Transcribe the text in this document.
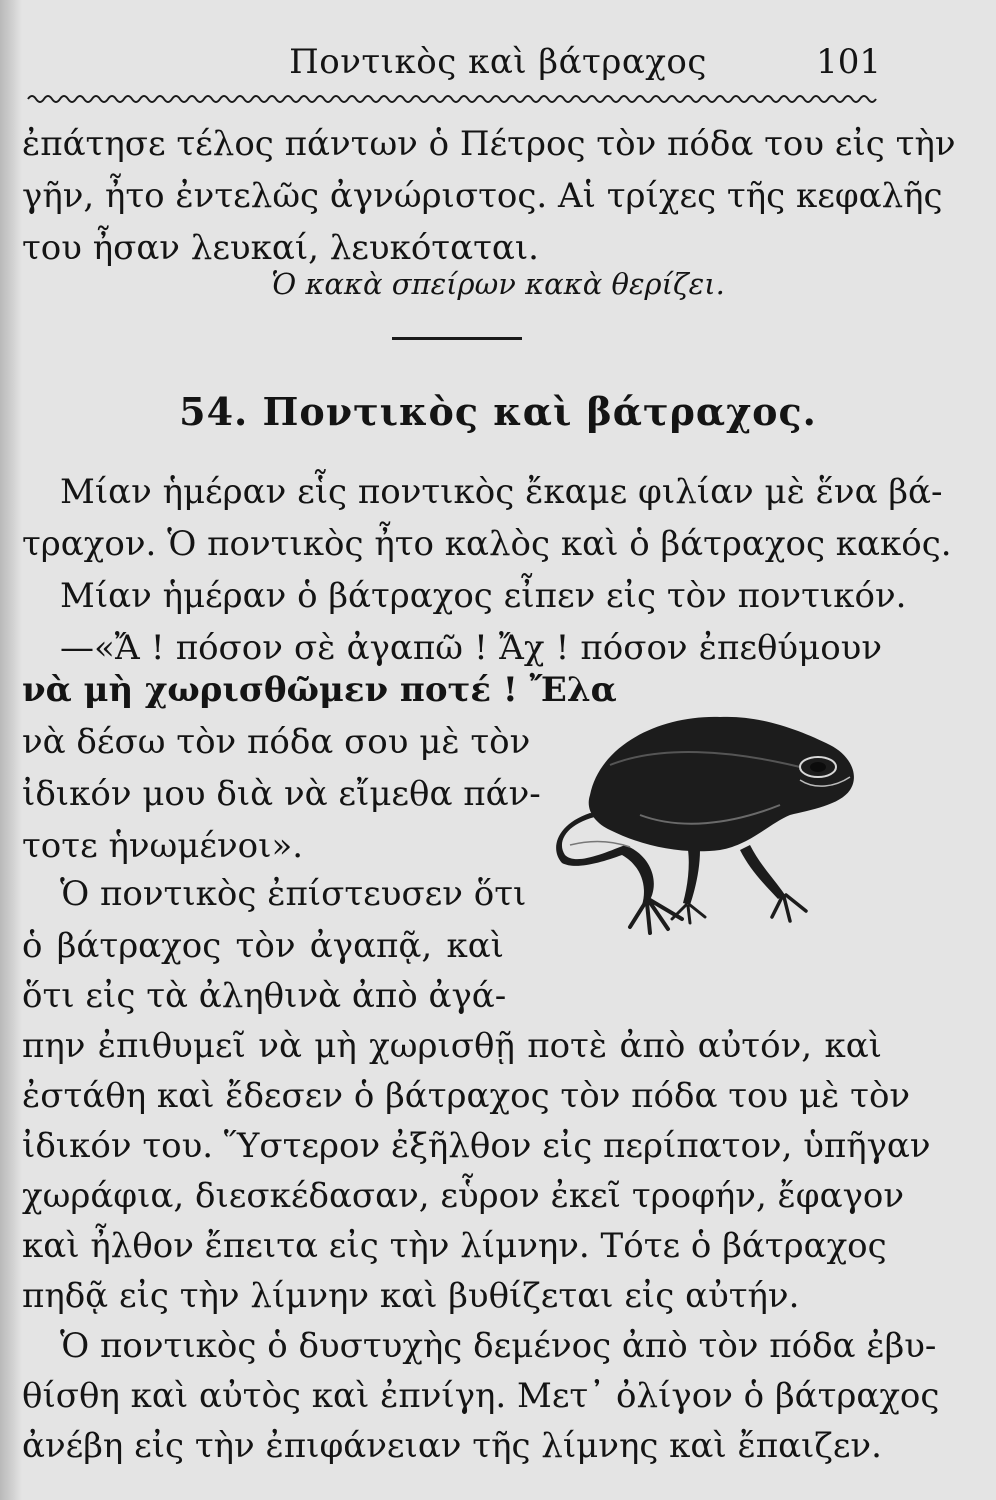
Ποντικὸς καὶ βάτραχος	101
ἐπάτησε τέλος πάντων ὁ Πέτρος τὸν πόδα του εἰς τὴν
γῆν, ἦτο ἐντελῶς ἀγνώριστος. Αἱ τρίχες τῆς κεφαλῆς
του ἦσαν λευκαί, λευκόταται.
Ὁ κακὰ σπείρων κακὰ θερίζει.
54. Ποντικὸς καὶ βάτραχος.
Μίαν ἡμέραν εἷς ποντικὸς ἔκαμε φιλίαν μὲ ἕνα βά-
τραχον. Ὁ ποντικὸς ἦτο καλὸς καὶ ὁ βάτραχος κακός.
Μίαν ἡμέραν ὁ βάτραχος εἶπεν εἰς τὸν ποντικόν.
—«Ἄ ! πόσον σὲ ἀγαπῶ ! Ἄχ ! πόσον ἐπεθύμουν
νὰ μὴ χωρισθῶμεν ποτέ ! Ἔλα
νὰ δέσω τὸν πόδα σου μὲ τὸν
ἰδικόν μου διὰ νὰ εἴμεθα πάν-
τοτε ἡνωμένοι».
Ὁ ποντικὸς ἐπίστευσεν ὅτι
ὁ βάτραχος τὸν ἀγαπᾷ, καὶ
ὅτι εἰς τὰ ἀληθινὰ ἀπὸ ἀγά-
πην ἐπιθυμεῖ νὰ μὴ χωρισθῇ ποτὲ ἀπὸ αὐτόν, καὶ
ἐστάθη καὶ ἔδεσεν ὁ βάτραχος τὸν πόδα του μὲ τὸν
ἰδικόν του. Ὕστερον ἐξῆλθον εἰς περίπατον, ὑπῆγαν
χωράφια, διεσκέδασαν, εὗρον ἐκεῖ τροφήν, ἔφαγον
καὶ ἦλθον ἔπειτα εἰς τὴν λίμνην. Τότε ὁ βάτραχος
πηδᾷ εἰς τὴν λίμνην καὶ βυθίζεται εἰς αὐτήν.
Ὁ ποντικὸς ὁ δυστυχὴς δεμένος ἀπὸ τὸν πόδα ἐβυ-
θίσθη καὶ αὐτὸς καὶ ἐπνίγη. Μετ᾽ ὀλίγον ὁ βάτραχος
ἀνέβη εἰς τὴν ἐπιφάνειαν τῆς λίμνης καὶ ἔπαιζεν.
